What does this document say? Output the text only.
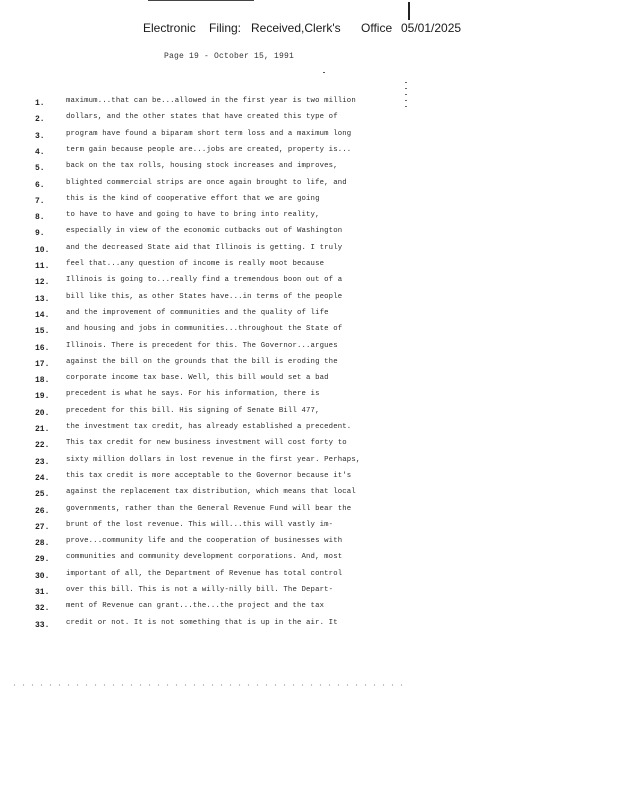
Electronic Filing: Received,Clerk's Office 05/01/2025
Page 19 - October 15, 1991
1.	maximum...that can be...allowed in the first year is two million
2.	dollars, and the other states that have created this type of
3.	program have found a biparam short term loss and a maximum long
4.	term gain because people are...jobs are created, property is...
5.	back on the tax rolls, housing stock increases and improves,
6.	blighted commercial strips are once again brought to life, and
7.	this is the kind of cooperative effort that we are going
8.	to have to have and going to have to bring into reality,
9.	especially in view of the economic cutbacks out of Washington
10. and the decreased State aid that Illinois is getting. I truly
11. feel that...any question of income is really moot because
12. Illinois is going to...really find a tremendous boon out of a
13. bill like this, as other States have...in terms of the people
14. and the improvement of communities and the quality of life
15. and housing and jobs in communities...throughout the State of
16. Illinois. There is precedent for this. The Governor...argues
17. against the bill on the grounds that the bill is eroding the
18. corporate income tax base. Well, this bill would set a bad
19. precedent is what he says. For his information, there is
20. precedent for this bill. His signing of Senate Bill 477,
21. the investment tax credit, has already established a precedent.
22. This tax credit for new business investment will cost forty to
23. sixty million dollars in lost revenue in the first year. Perhaps,
24. this tax credit is more acceptable to the Governor because it's
25. against the replacement tax distribution, which means that local
26. governments, rather than the General Revenue Fund will bear the
27. brunt of the lost revenue. This will...this will vastly im-
28. prove...community life and the cooperation of businesses with
29. communities and community development corporations. And, most
30. important of all, the Department of Revenue has total control
31. over this bill. This is not a willy-nilly bill. The Depart-
32. ment of Revenue can grant...the...the project and the tax
33. credit or not. It is not something that is up in the air. It
